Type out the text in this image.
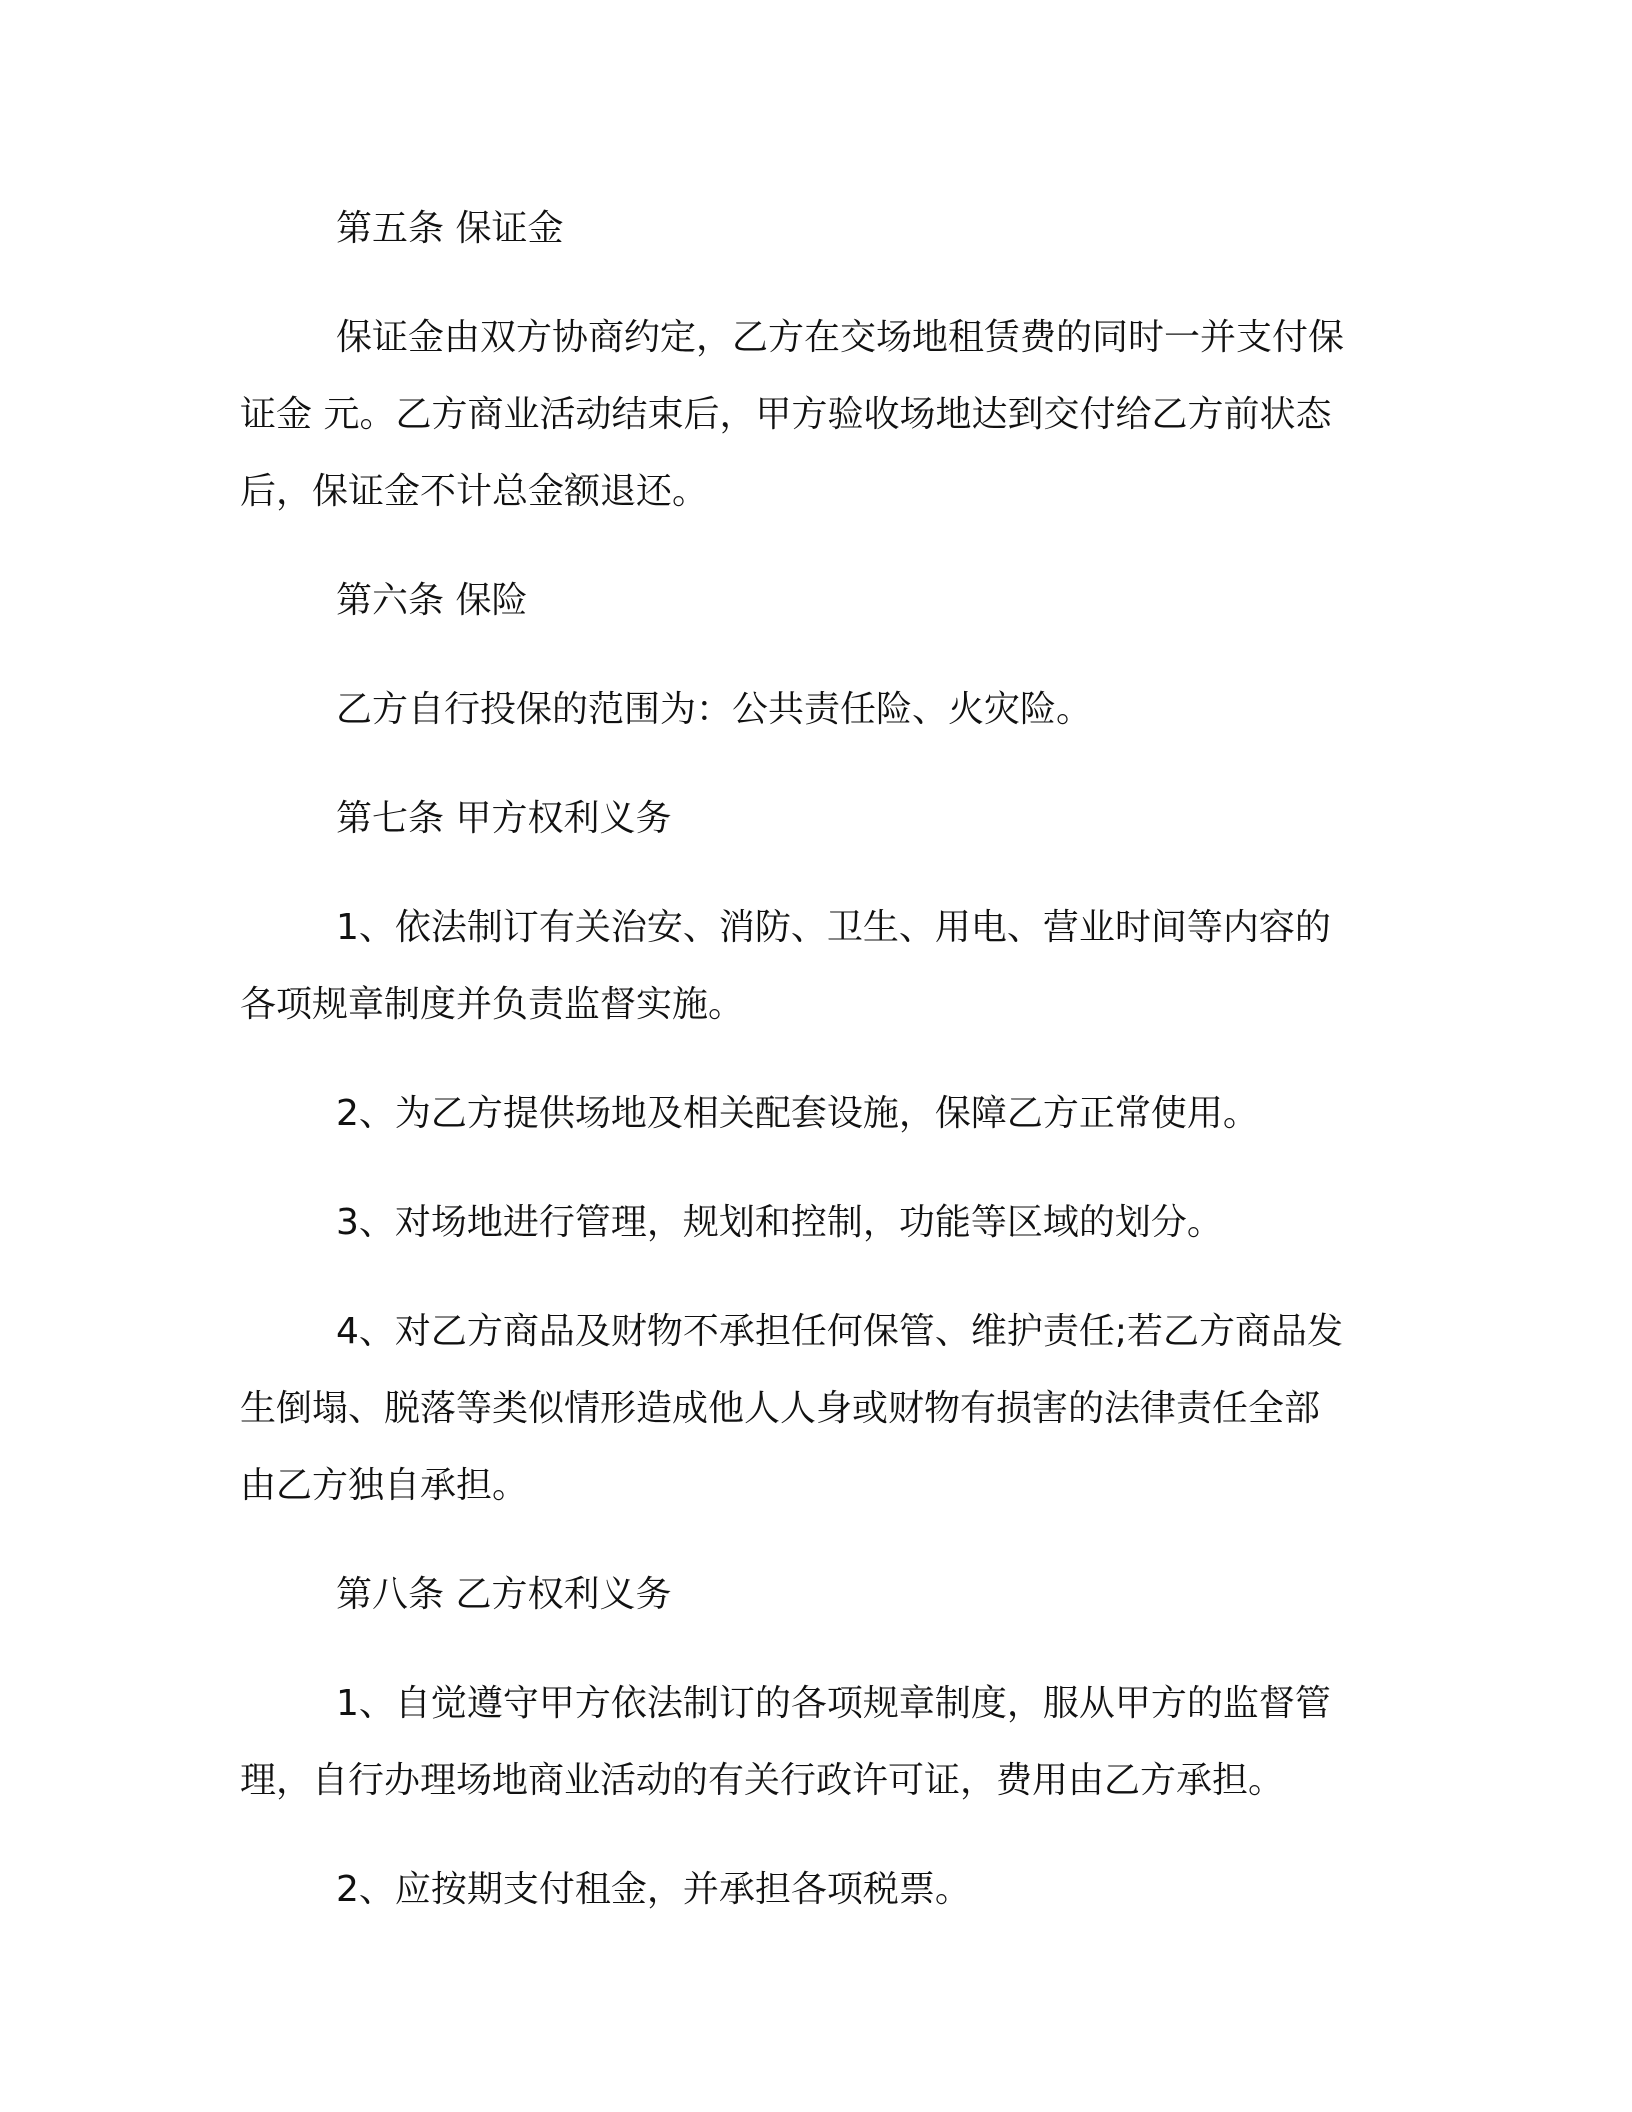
第五条 保证金
保证金由双方协商约定，乙方在交场地租赁费的同时一并支付保
证金 元。乙方商业活动结束后，甲方验收场地达到交付给乙方前状态
后，保证金不计总金额退还。
第六条 保险
乙方自行投保的范围为：公共责任险、火灾险。
第七条 甲方权利义务
1、依法制订有关治安、消防、卫生、用电、营业时间等内容的
各项规章制度并负责监督实施。
2、为乙方提供场地及相关配套设施，保障乙方正常使用。
3、对场地进行管理，规划和控制，功能等区域的划分。
4、对乙方商品及财物不承担任何保管、维护责任;若乙方商品发
生倒塌、脱落等类似情形造成他人人身或财物有损害的法律责任全部
由乙方独自承担。
第八条 乙方权利义务
1、自觉遵守甲方依法制订的各项规章制度，服从甲方的监督管
理，自行办理场地商业活动的有关行政许可证，费用由乙方承担。
2、应按期支付租金，并承担各项税票。
